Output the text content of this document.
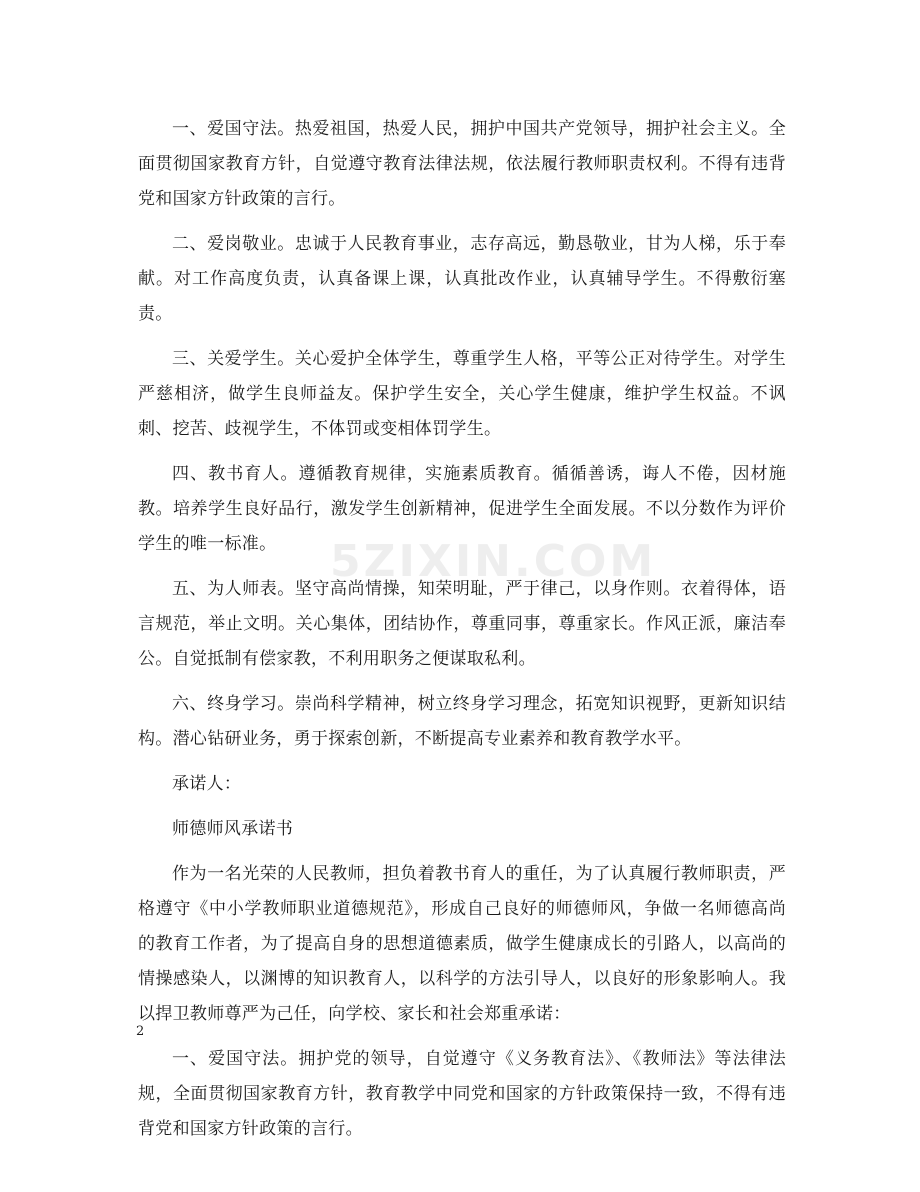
一、爱国守法。热爱祖国，热爱人民，拥护中国共产党领导，拥护社会主义。全面贯彻国家教育方针，自觉遵守教育法律法规，依法履行教师职责权利。不得有违背党和国家方针政策的言行。

二、爱岗敬业。忠诚于人民教育事业，志存高远，勤恳敬业，甘为人梯，乐于奉献。对工作高度负责，认真备课上课，认真批改作业，认真辅导学生。不得敷衍塞责。

三、关爱学生。关心爱护全体学生，尊重学生人格，平等公正对待学生。对学生严慈相济，做学生良师益友。保护学生安全，关心学生健康，维护学生权益。不讽刺、挖苦、歧视学生，不体罚或变相体罚学生。

四、教书育人。遵循教育规律，实施素质教育。循循善诱，诲人不倦，因材施教。培养学生良好品行，激发学生创新精神，促进学生全面发展。不以分数作为评价学生的唯一标准。

五、为人师表。坚守高尚情操，知荣明耻，严于律己，以身作则。衣着得体，语言规范，举止文明。关心集体，团结协作，尊重同事，尊重家长。作风正派，廉洁奉公。自觉抵制有偿家教，不利用职务之便谋取私利。

六、终身学习。崇尚科学精神，树立终身学习理念，拓宽知识视野，更新知识结构。潜心钻研业务，勇于探索创新，不断提高专业素养和教育教学水平。

承诺人：

师德师风承诺书

作为一名光荣的人民教师，担负着教书育人的重任，为了认真履行教师职责，严格遵守《中小学教师职业道德规范》，形成自己良好的师德师风，争做一名师德高尚的教育工作者，为了提高自身的思想道德素质，做学生健康成长的引路人，以高尚的情操感染人，以渊博的知识教育人，以科学的方法引导人，以良好的形象影响人。我以捍卫教师尊严为己任，向学校、家长和社会郑重承诺：

一、爱国守法。拥护党的领导，自觉遵守《义务教育法》、《教师法》等法律法规，全面贯彻国家教育方针，教育教学中同党和国家的方针政策保持一致，不得有违背党和国家方针政策的言行。

5ZIXIN.COM
2
